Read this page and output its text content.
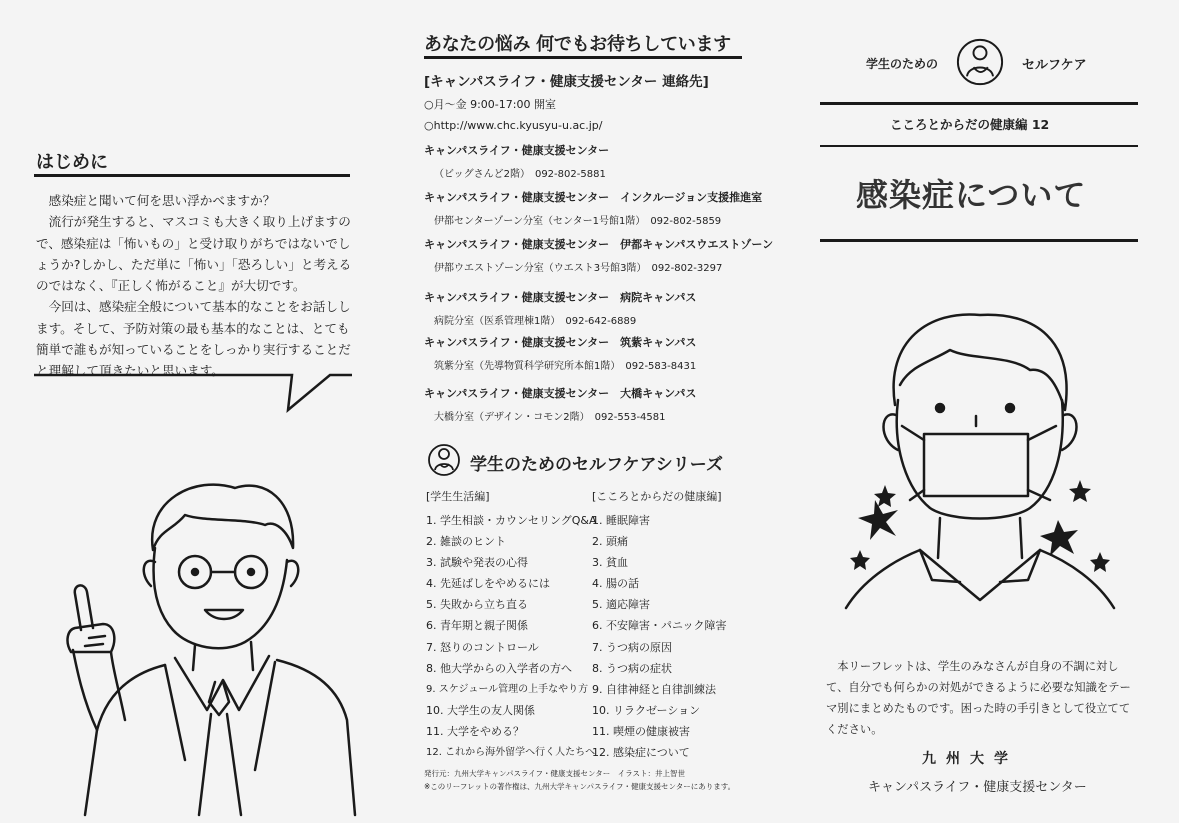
はじめに

感染症と聞いて何を思い浮かべますか？

流行が発生すると、マスコミも大きく取り上げますので、感染症は「怖いもの」と受け取りがちではないでしょうか?しかし、ただ単に「怖い」「恐ろしい」と考えるのではなく、『正しく怖がること』が大切です。

今回は、感染症全般について基本的なことをお話しします。そして、予防対策の最も基本的なことは、とても簡単で誰もが知っていることをしっかり実行することだと理解して頂きたいと思います。

あなたの悩み 何でもお待ちしています
[キャンパスライフ・健康支援センター 連絡先]
○月～金 9:00-17:00 開室
○http://www.chc.kyusyu-u.ac.jp/
キャンパスライフ・健康支援センター
（ビッグさんど2階）　092-802-5881
キャンパスライフ・健康支援センター　インクルージョン支援推進室
伊都センターゾーン分室（センター1号館1階）　092-802-5859
キャンパスライフ・健康支援センター　伊都キャンパスウエストゾーン
伊都ウエストゾーン分室（ウエスト3号館3階）　092-802-3297
キャンパスライフ・健康支援センター　病院キャンパス
病院分室（医系管理棟1階）　092-642-6889
キャンパスライフ・健康支援センター　筑紫キャンパス
筑紫分室（先導物質科学研究所本館1階）　092-583-8431
キャンパスライフ・健康支援センター　大橋キャンパス
大橋分室（デザイン・コモン2階）　092-553-4581
学生のためのセルフケアシリーズ
[学生生活編]	[こころとからだの健康編]
1. 学生相談・カウンセリングQ&A
2. 雑談のヒント
3. 試験や発表の心得
4. 先延ばしをやめるには
5. 失敗から立ち直る
6. 青年期と親子関係
7. 怒りのコントロール
8. 他大学からの入学者の方へ
9. スケジュール管理の上手なやり方
10. 大学生の友人関係
11. 大学をやめる？
12. これから海外留学へ行く人たちへ
1. 睡眠障害
2. 頭痛
3. 貧血
4. 腸の話
5. 適応障害
6. 不安障害・パニック障害
7. うつ病の原因
8. うつ病の症状
9. 自律神経と自律訓練法
10. リラクゼーション
11. 喫煙の健康被害
12. 感染症について
発行元：九州大学キャンパスライフ・健康支援センター　イラスト：井上智世
※このリーフレットの著作権は、九州大学キャンパスライフ・健康支援センターにあります。
学生のための	セルフケア
こころとからだの健康編 12
感染症について
本リーフレットは、学生のみなさんが自身の不調に対して、自分でも何らかの対処ができるように必要な知識をテーマ別にまとめたものです。困った時の手引きとして役立ててください。
九州大学
キャンパスライフ・健康支援センター
